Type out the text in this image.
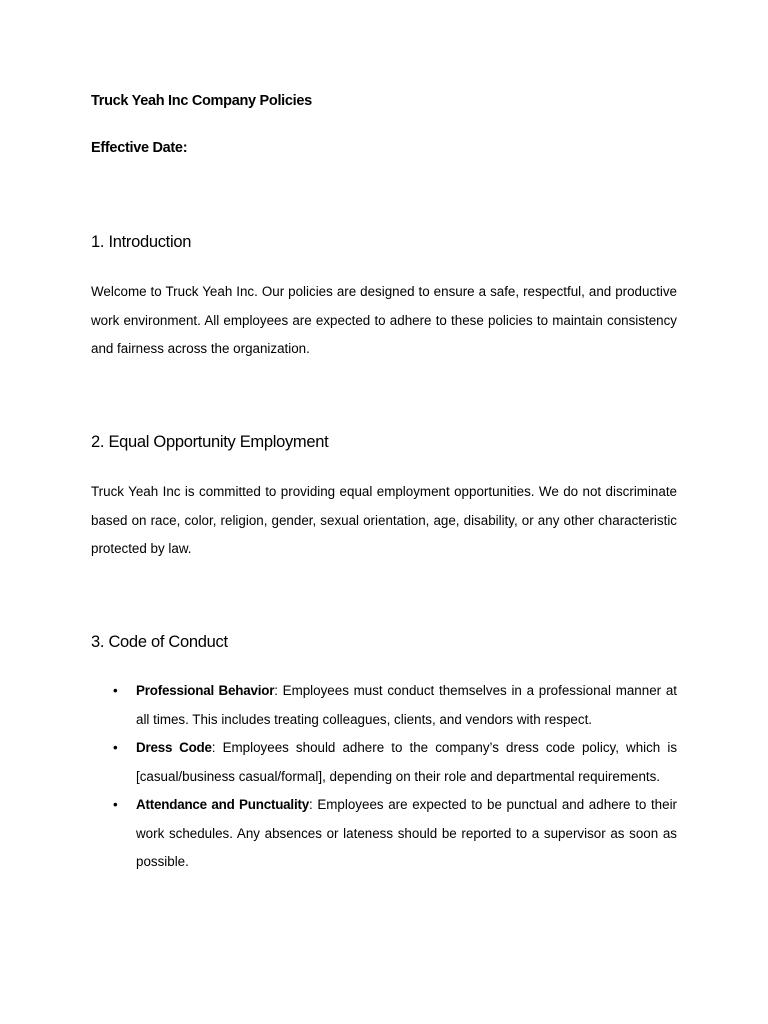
Truck Yeah Inc Company Policies
Effective Date:
1. Introduction

Welcome to Truck Yeah Inc. Our policies are designed to ensure a safe, respectful, and productive work environment. All employees are expected to adhere to these policies to maintain consistency and fairness across the organization.

2. Equal Opportunity Employment

Truck Yeah Inc is committed to providing equal employment opportunities. We do not discriminate based on race, color, religion, gender, sexual orientation, age, disability, or any other characteristic protected by law.

3. Code of Conduct
• Professional Behavior: Employees must conduct themselves in a professional manner at all times. This includes treating colleagues, clients, and vendors with respect.
• Dress Code: Employees should adhere to the company’s dress code policy, which is [casual/business casual/formal], depending on their role and departmental requirements.
• Attendance and Punctuality: Employees are expected to be punctual and adhere to their work schedules. Any absences or lateness should be reported to a supervisor as soon as possible.
